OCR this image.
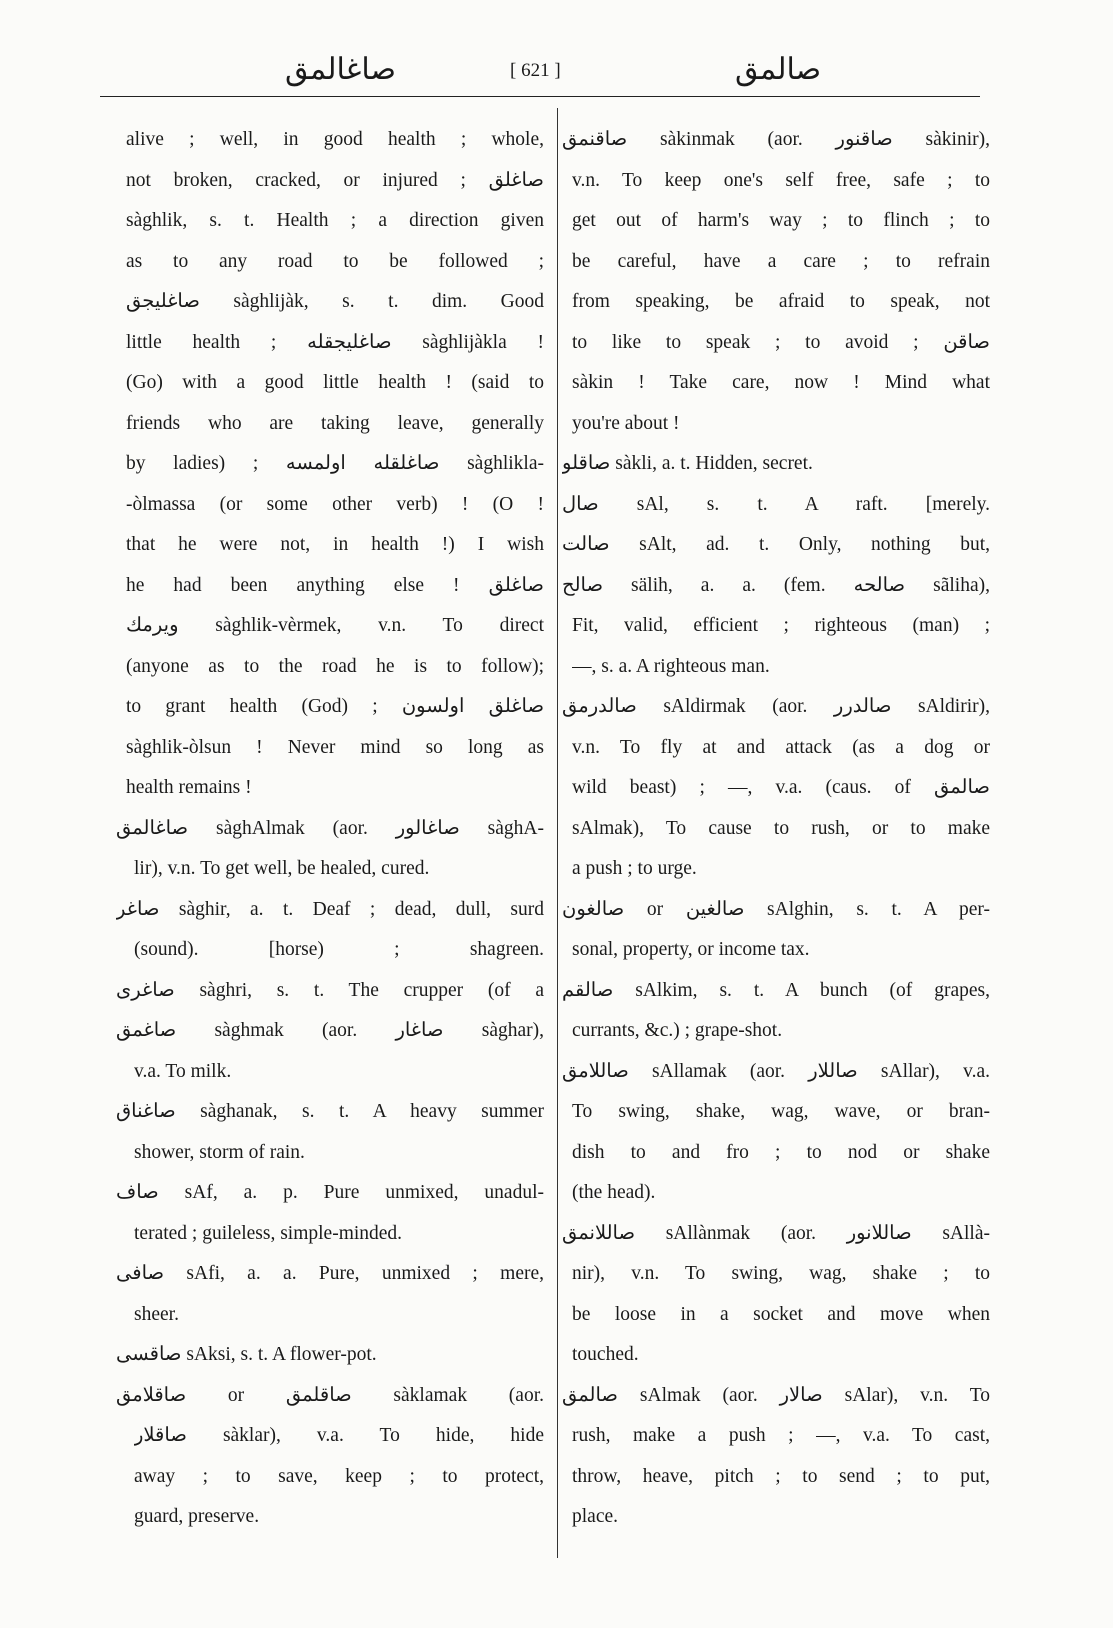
صاغالمق	[ 621 ]	صالمق
alive ; well, in good health ; whole,
not broken, cracked, or injured ; صاغلق
sàghlik, s. t. Health ; a direction given
as to any road to be followed ;
صاغليجق sàghlijàk, s. t. dim. Good
little health ; صاغليجقله sàghlijàkla !
(Go) with a good little health ! (said to
friends who are taking leave, generally
by ladies) ; صاغلقله اولمسه sàghlikla-
-òlmassa (or some other verb) ! (O !
that he were not, in health !) I wish
he had been anything else ! صاغلق
ويرمك sàghlik-vèrmek, v.n. To direct
(anyone as to the road he is to follow);
to grant health (God) ; صاغلق اولسون
sàghlik-òlsun ! Never mind so long as
health remains !
صاغالمق sàghAlmak (aor. صاغالور sàghA-
lir), v.n. To get well, be healed, cured.
صاغر sàghir, a. t. Deaf ; dead, dull, surd
(sound). [horse) ; shagreen.
صاغرى sàghri, s. t. The crupper (of a
صاغمق sàghmak (aor. صاغار sàghar),
v.a. To milk.
صاغناق sàghanak, s. t. A heavy summer
shower, storm of rain.
صاف sAf, a. p. Pure unmixed, unadul-
terated ; guileless, simple-minded.
صافى sAfi, a. a. Pure, unmixed ; mere,
sheer.
صاقسى sAksi, s. t. A flower-pot.
صاقلامق or صاقلمق sàklamak (aor.
صاقلار sàklar), v.a. To hide, hide
away ; to save, keep ; to protect,
guard, preserve.
صاقنمق sàkinmak (aor. صاقنور sàkinir),
v.n. To keep one's self free, safe ; to
get out of harm's way ; to flinch ; to
be careful, have a care ; to refrain
from speaking, be afraid to speak, not
to like to speak ; to avoid ; صاقن
sàkin ! Take care, now ! Mind what
you're about !
صاقلو sàkli, a. t. Hidden, secret.
صال sAl, s. t. A raft. [merely.
صالت sAlt, ad. t. Only, nothing but,
صالح sälih, a. a. (fem. صالحه sãliha),
Fit, valid, efficient ; righteous (man) ;
—, s. a. A righteous man.
صالدرمق sAldirmak (aor. صالدرر sAldirir),
v.n. To fly at and attack (as a dog or
wild beast) ; —, v.a. (caus. of صالمق
sAlmak), To cause to rush, or to make
a push ; to urge.
صالغون or صالغين sAlghin, s. t. A per-
sonal, property, or income tax.
صالقم sAlkim, s. t. A bunch (of grapes,
currants, &c.) ; grape-shot.
صاللامق sAllamak (aor. صاللار sAllar), v.a.
To swing, shake, wag, wave, or bran-
dish to and fro ; to nod or shake
(the head).
صاللانمق sAllànmak (aor. صاللانور sAllà-
nir), v.n. To swing, wag, shake ; to
be loose in a socket and move when
touched.
صالمق sAlmak (aor. صالار sAlar), v.n. To
rush, make a push ; —, v.a. To cast,
throw, heave, pitch ; to send ; to put,
place.
